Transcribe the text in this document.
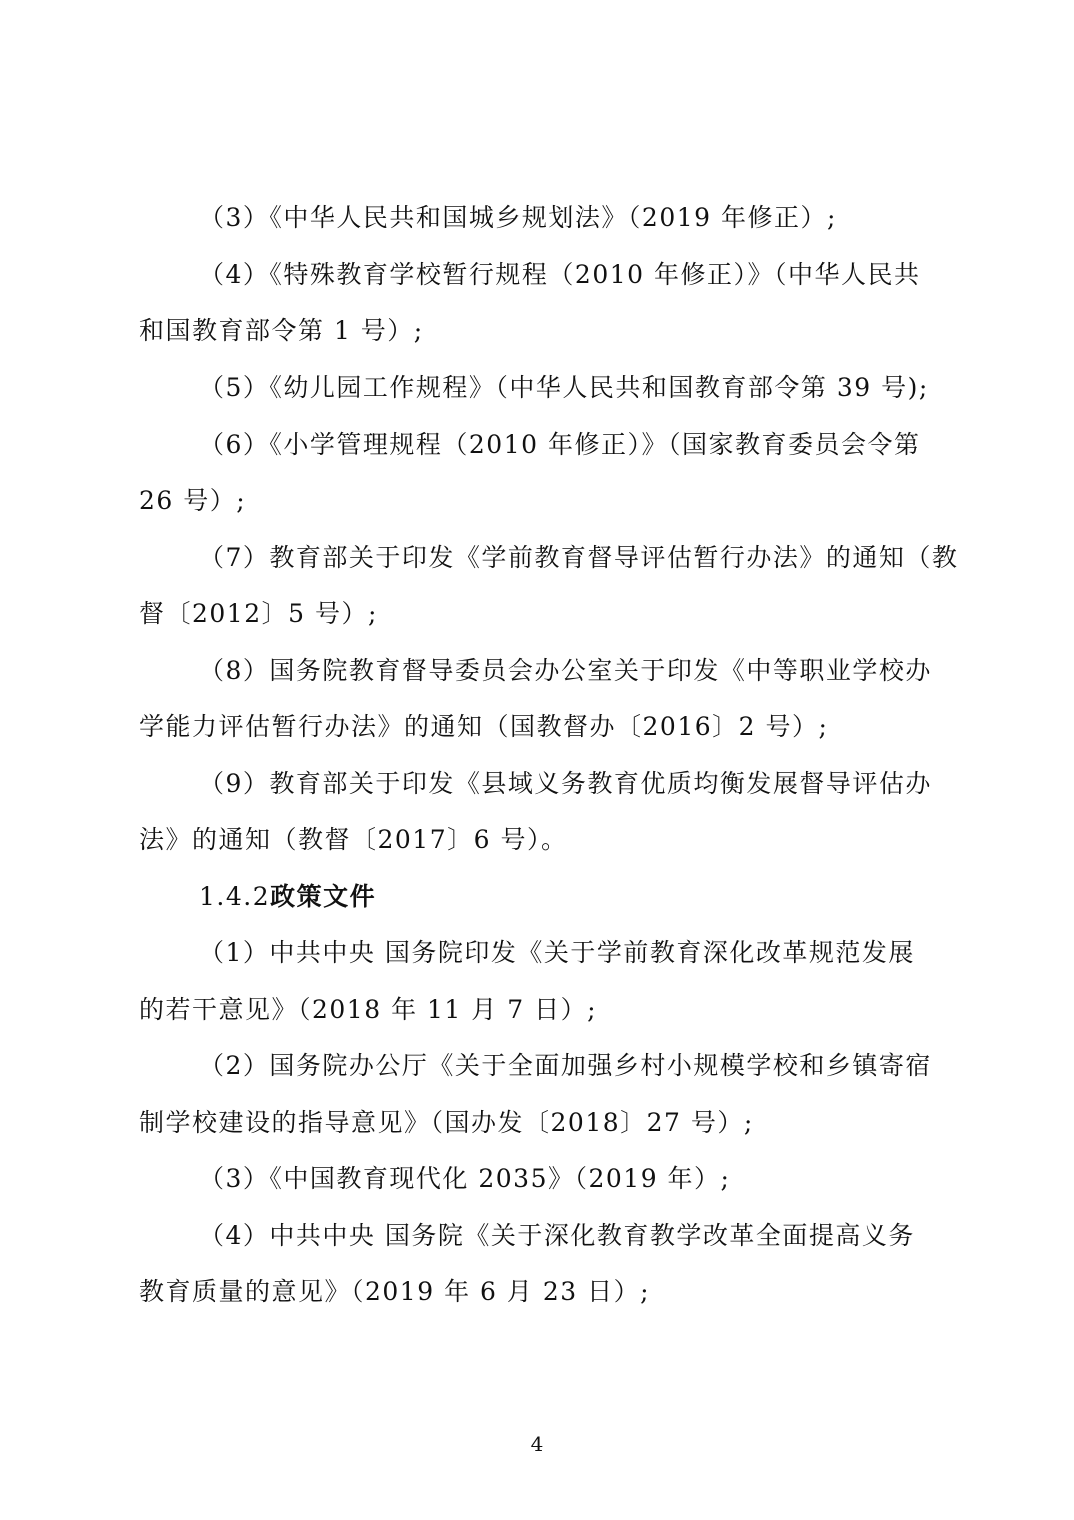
（3）《中华人民共和国城乡规划法》（2019 年修正）;
（4）《特殊教育学校暂行规程（2010 年修正）》（中华人民共
和国教育部令第 1 号）;
（5）《幼儿园工作规程》（中华人民共和国教育部令第 39 号);
（6）《小学管理规程（2010 年修正）》（国家教育委员会令第
26 号）;
（7）教育部关于印发《学前教育督导评估暂行办法》的通知（教
督〔2012〕5 号）;
（8）国务院教育督导委员会办公室关于印发《中等职业学校办
学能力评估暂行办法》的通知（国教督办〔2016〕2 号）;
（9）教育部关于印发《县域义务教育优质均衡发展督导评估办
法》的通知（教督〔2017〕6 号）。
1.4.2政策文件
（1）中共中央 国务院印发《关于学前教育深化改革规范发展
的若干意见》（2018 年 11 月 7 日）;
（2）国务院办公厅《关于全面加强乡村小规模学校和乡镇寄宿
制学校建设的指导意见》（国办发〔2018〕27 号）;
（3）《中国教育现代化 2035》（2019 年）;
（4）中共中央 国务院《关于深化教育教学改革全面提高义务
教育质量的意见》（2019 年 6 月 23 日）;
4
